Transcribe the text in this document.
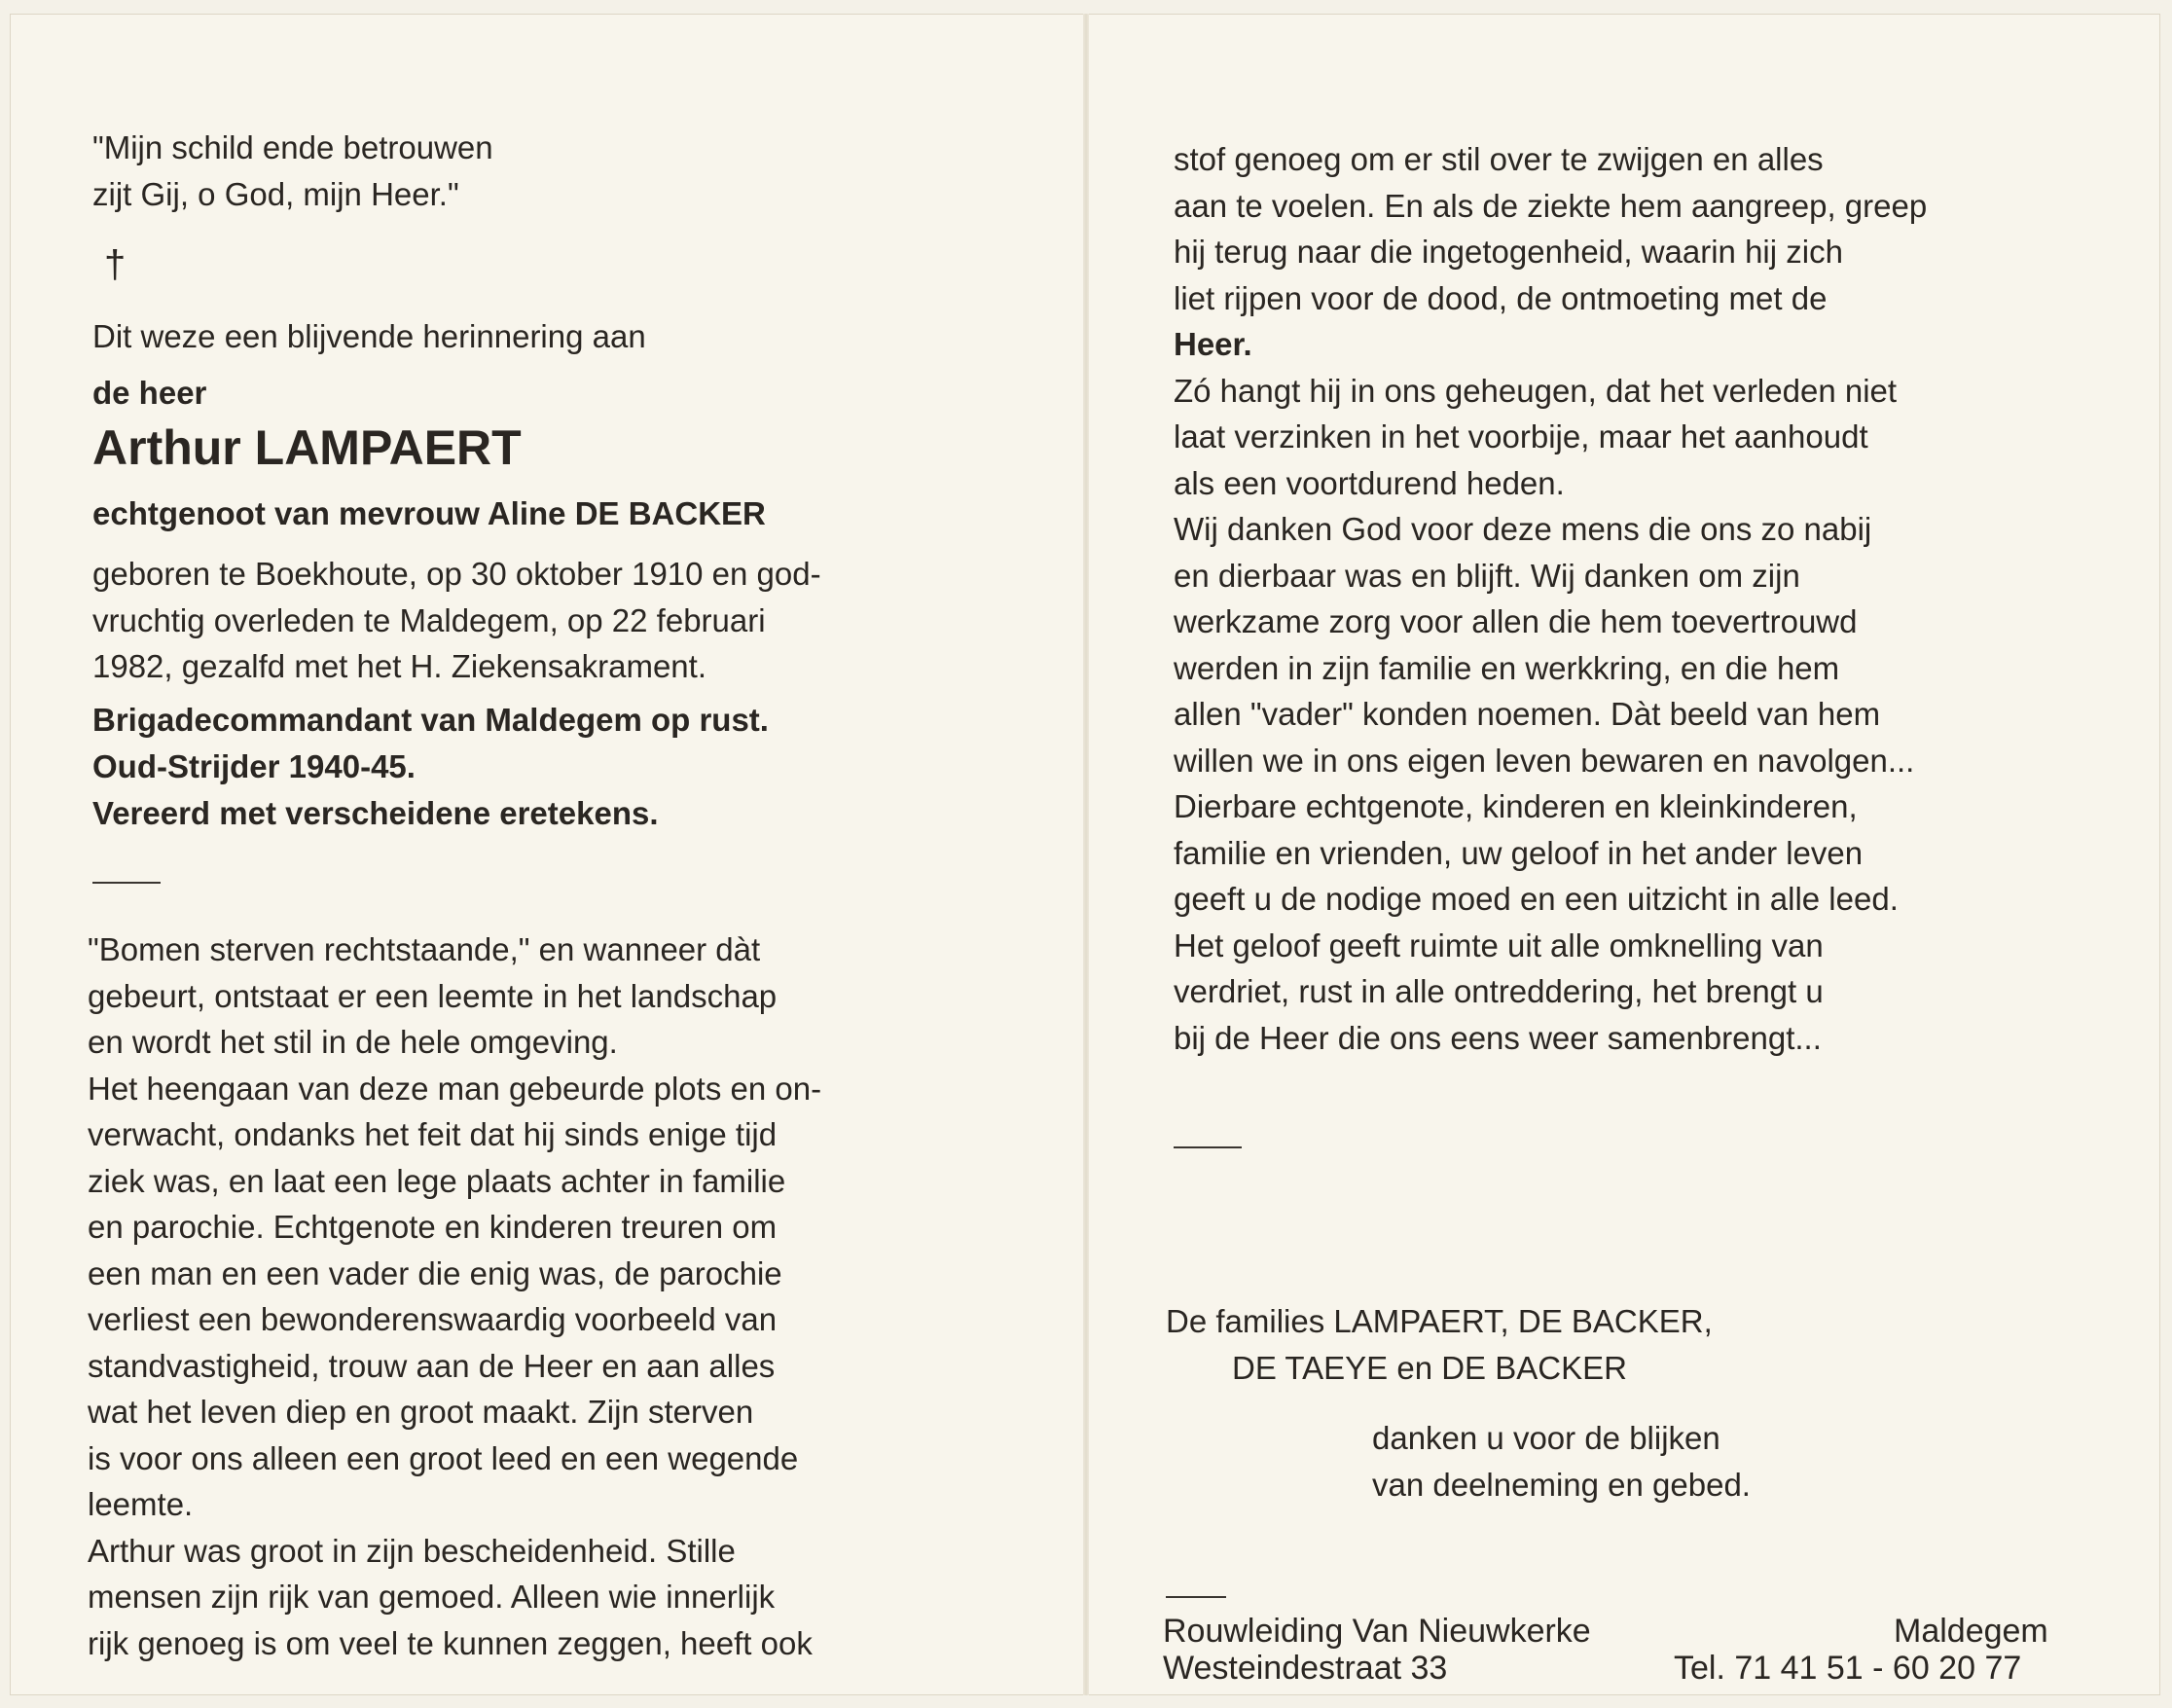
"Mijn schild ende betrouwen
zijt Gij, o God, mijn Heer."
†
Dit weze een blijvende herinnering aan
de heer
Arthur LAMPAERT
echtgenoot van mevrouw Aline DE BACKER
geboren te Boekhoute, op 30 oktober 1910 en god-
vruchtig overleden te Maldegem, op 22 februari
1982, gezalfd met het H. Ziekensakrament.
Brigadecommandant van Maldegem op rust.
Oud-Strijder 1940-45.
Vereerd met verscheidene eretekens.
"Bomen sterven rechtstaande," en wanneer dàt
gebeurt, ontstaat er een leemte in het landschap
en wordt het stil in de hele omgeving.
Het heengaan van deze man gebeurde plots en on-
verwacht, ondanks het feit dat hij sinds enige tijd
ziek was, en laat een lege plaats achter in familie
en parochie. Echtgenote en kinderen treuren om
een man en een vader die enig was, de parochie
verliest een bewonderenswaardig voorbeeld van
standvastigheid, trouw aan de Heer en aan alles
wat het leven diep en groot maakt. Zijn sterven
is voor ons alleen een groot leed en een wegende
leemte.
Arthur was groot in zijn bescheidenheid. Stille
mensen zijn rijk van gemoed. Alleen wie innerlijk
rijk genoeg is om veel te kunnen zeggen, heeft ook
stof genoeg om er stil over te zwijgen en alles
aan te voelen. En als de ziekte hem aangreep, greep
hij terug naar die ingetogenheid, waarin hij zich
liet rijpen voor de dood, de ontmoeting met de
Heer.
Zó hangt hij in ons geheugen, dat het verleden niet
laat verzinken in het voorbije, maar het aanhoudt
als een voortdurend heden.
Wij danken God voor deze mens die ons zo nabij
en dierbaar was en blijft. Wij danken om zijn
werkzame zorg voor allen die hem toevertrouwd
werden in zijn familie en werkkring, en die hem
allen "vader" konden noemen. Dàt beeld van hem
willen we in ons eigen leven bewaren en navolgen...
Dierbare echtgenote, kinderen en kleinkinderen,
familie en vrienden, uw geloof in het ander leven
geeft u de nodige moed en een uitzicht in alle leed.
Het geloof geeft ruimte uit alle omknelling van
verdriet, rust in alle ontreddering, het brengt u
bij de Heer die ons eens weer samenbrengt...
De families LAMPAERT, DE BACKER,
DE TAEYE en DE BACKER
danken u voor de blijken
van deelneming en gebed.
Rouwleiding Van Nieuwkerke	Maldegem
Westeindestraat 33	Tel. 71 41 51 - 60 20 77
